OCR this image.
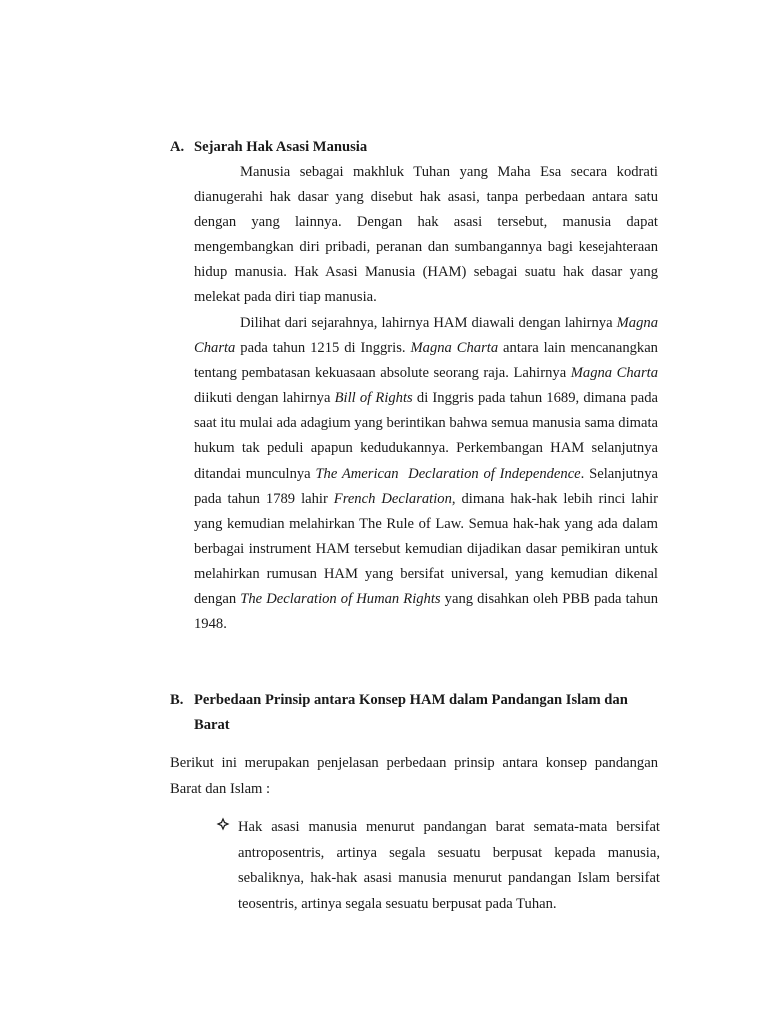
A. Sejarah Hak Asasi Manusia

Manusia sebagai makhluk Tuhan yang Maha Esa secara kodrati dianugerahi hak dasar yang disebut hak asasi, tanpa perbedaan antara satu dengan yang lainnya. Dengan hak asasi tersebut, manusia dapat mengembangkan diri pribadi, peranan dan sumbangannya bagi kesejahteraan hidup manusia. Hak Asasi Manusia (HAM) sebagai suatu hak dasar yang melekat pada diri tiap manusia.

Dilihat dari sejarahnya, lahirnya HAM diawali dengan lahirnya Magna Charta pada tahun 1215 di Inggris. Magna Charta antara lain mencanangkan tentang pembatasan kekuasaan absolute seorang raja. Lahirnya Magna Charta diikuti dengan lahirnya Bill of Rights di Inggris pada tahun 1689, dimana pada saat itu mulai ada adagium yang berintikan bahwa semua manusia sama dimata hukum tak peduli apapun kedudukannya. Perkembangan HAM selanjutnya ditandai munculnya The American  Declaration of Independence. Selanjutnya pada tahun 1789 lahir French Declaration, dimana hak-hak lebih rinci lahir yang kemudian melahirkan The Rule of Law. Semua hak-hak yang ada dalam berbagai instrument HAM tersebut kemudian dijadikan dasar pemikiran untuk melahirkan rumusan HAM yang bersifat universal, yang kemudian dikenal dengan The Declaration of Human Rights yang disahkan oleh PBB pada tahun 1948.

B. Perbedaan Prinsip antara Konsep HAM dalam Pandangan Islam dan
Barat

Berikut ini merupakan penjelasan perbedaan prinsip antara konsep pandangan Barat dan Islam :

Hak asasi manusia menurut pandangan barat semata-mata bersifat antroposentris, artinya segala sesuatu berpusat kepada manusia, sebaliknya, hak-hak asasi manusia menurut pandangan Islam bersifat teosentris, artinya segala sesuatu berpusat pada Tuhan.
